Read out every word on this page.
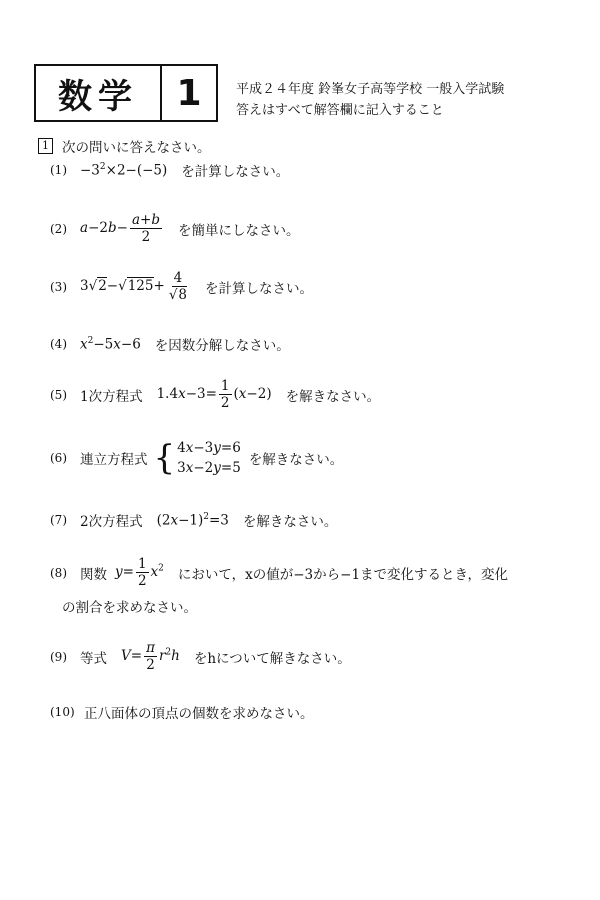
数学	1	平成２４年度 鈴峯女子高等学校 一般入学試験
答えはすべて解答欄に記入すること
1 次の問いに答えなさい。
$(1) -3^2\times 2-(-5)$ を計算しなさい。
(2) $a-2b- \frac{a+b}{2}$ を簡単にしなさい。
(3) $3√2-√125+ \frac{4}{√8}$ を計算しなさい。
(4) $x^2-5x-6$ を因数分解しなさい。
(5) 1次方程式 $1.4x-3= \frac{1}{2} (x-2)$ を解きなさい。
(6) 連立方程式 { 4x−3y=6
3x−2y=5 を解きなさい。
(7) 2次方程式 $(2x-1)^2=3$ を解きなさい。
(8) 関数 $y= \frac{1}{2} x^2$ において，xの値が−3から−1まで変化するとき，変化
の割合を求めなさい。
(9) 等式 $V= \frac{\pi}{2} r^2h$ をhについて解きなさい。
(10) 正八面体の頂点の個数を求めなさい。
